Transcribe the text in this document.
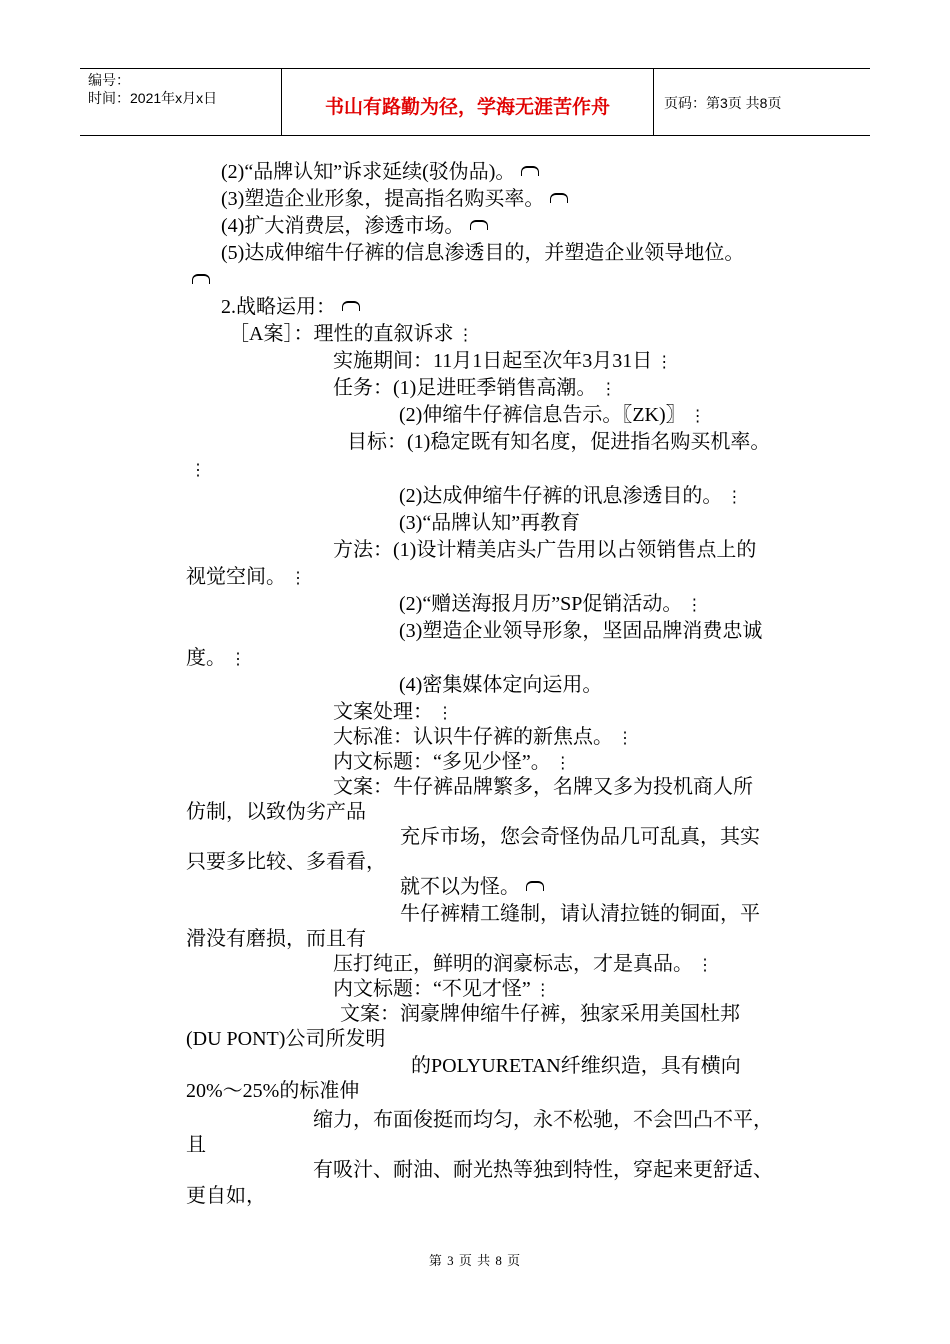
编号：
时间：2021年x月x日	书山有路勤为径，学海无涯苦作舟	页码：第3页 共8页
(2)“品牌认知”诉求延续(驳伪品)。
(3)塑造企业形象，提高指名购买率。
(4)扩大消费层，渗透市场。
(5)达成伸缩牛仔裤的信息渗透目的，并塑造企业领导地位。
2.战略运用：
［A案］：理性的直叙诉求 ⋮
实施期间：11月1日起至次年3月31日 ⋮
任务：(1)足进旺季销售高潮。 ⋮
(2)伸缩牛仔裤信息告示。〖ZK)〗 ⋮
目标：(1)稳定既有知名度，促进指名购买机率。
⋮
(2)达成伸缩牛仔裤的讯息渗透目的。 ⋮
(3)“品牌认知”再教育
方法：(1)设计精美店头广告用以占领销售点上的
视觉空间。 ⋮
(2)“赠送海报月历”SP促销活动。 ⋮
(3)塑造企业领导形象，坚固品牌消费忠诚
度。 ⋮
(4)密集媒体定向运用。
文案处理： ⋮
大标准：认识牛仔裤的新焦点。 ⋮
内文标题：“多见少怪”。 ⋮
文案：牛仔裤品牌繁多，名牌又多为投机商人所
仿制，以致伪劣产品
充斥市场，您会奇怪伪品几可乱真，其实
只要多比较、多看看，
就不以为怪。
牛仔裤精工缝制，请认清拉链的铜面，平
滑没有磨损，而且有
压打纯正，鲜明的润豪标志，才是真品。 ⋮
内文标题：“不见才怪” ⋮
文案：润豪牌伸缩牛仔裤，独家采用美国杜邦
(DU PONT)公司所发明
的POLYURETAN纤维织造，具有横向
20%～25%的标准伸
缩力，布面俊挺而均匀，永不松驰，不会凹凸不平，
且
有吸汁、耐油、耐光热等独到特性，穿起来更舒适、
更自如，
第 3 页 共 8 页
